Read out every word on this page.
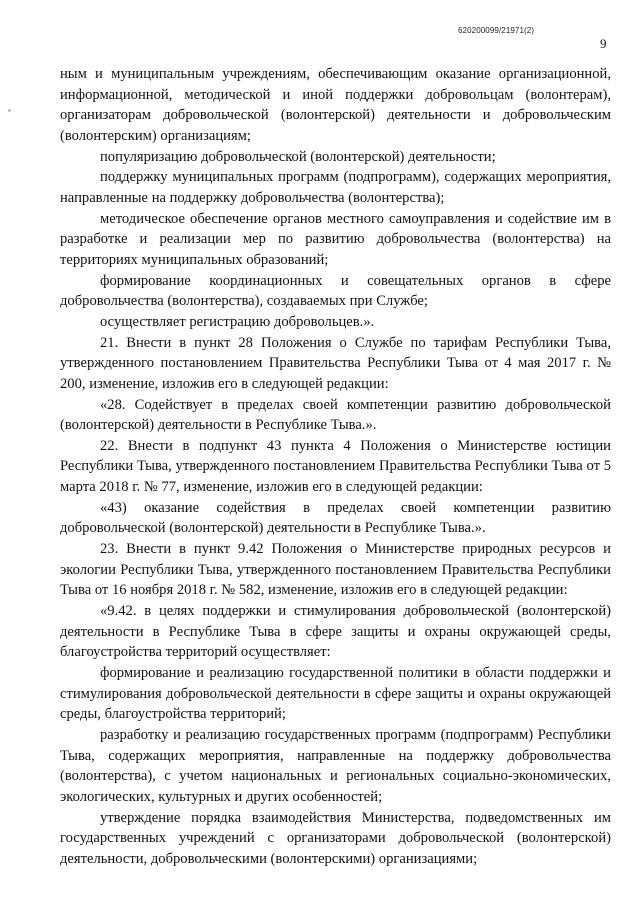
620200099/21971(2)
9

ным и муниципальным учреждениям, обеспечивающим оказание организационной, информационной, методической и иной поддержки добровольцам (волонтерам), организаторам добровольческой (волонтерской) деятельности и добровольческим (волонтерским) организациям;

популяризацию добровольческой (волонтерской) деятельности;

поддержку муниципальных программ (подпрограмм), содержащих мероприятия, направленные на поддержку добровольчества (волонтерства);

методическое обеспечение органов местного самоуправления и содействие им в разработке и реализации мер по развитию добровольчества (волонтерства) на территориях муниципальных образований;

формирование координационных и совещательных органов в сфере добровольчества (волонтерства), создаваемых при Службе;

осуществляет регистрацию добровольцев.».

21. Внести в пункт 28 Положения о Службе по тарифам Республики Тыва, утвержденного постановлением Правительства Республики Тыва от 4 мая 2017 г. № 200, изменение, изложив его в следующей редакции:

«28. Содействует в пределах своей компетенции развитию добровольческой (волонтерской) деятельности в Республике Тыва.».

22. Внести в подпункт 43 пункта 4 Положения о Министерстве юстиции Республики Тыва, утвержденного постановлением Правительства Республики Тыва от 5 марта 2018 г. № 77, изменение, изложив его в следующей редакции:

«43) оказание содействия в пределах своей компетенции развитию добровольческой (волонтерской) деятельности в Республике Тыва.».

23. Внести в пункт 9.42 Положения о Министерстве природных ресурсов и экологии Республики Тыва, утвержденного постановлением Правительства Республики Тыва от 16 ноября 2018 г. № 582, изменение, изложив его в следующей редакции:

«9.42. в целях поддержки и стимулирования добровольческой (волонтерской) деятельности в Республике Тыва в сфере защиты и охраны окружающей среды, благоустройства территорий осуществляет:

формирование и реализацию государственной политики в области поддержки и стимулирования добровольческой деятельности в сфере защиты и охраны окружающей среды, благоустройства территорий;

разработку и реализацию государственных программ (подпрограмм) Республики Тыва, содержащих мероприятия, направленные на поддержку добровольчества (волонтерства), с учетом национальных и региональных социально-экономических, экологических, культурных и других особенностей;

утверждение порядка взаимодействия Министерства, подведомственных им государственных учреждений с организаторами добровольческой (волонтерской) деятельности, добровольческими (волонтерскими) организациями;
